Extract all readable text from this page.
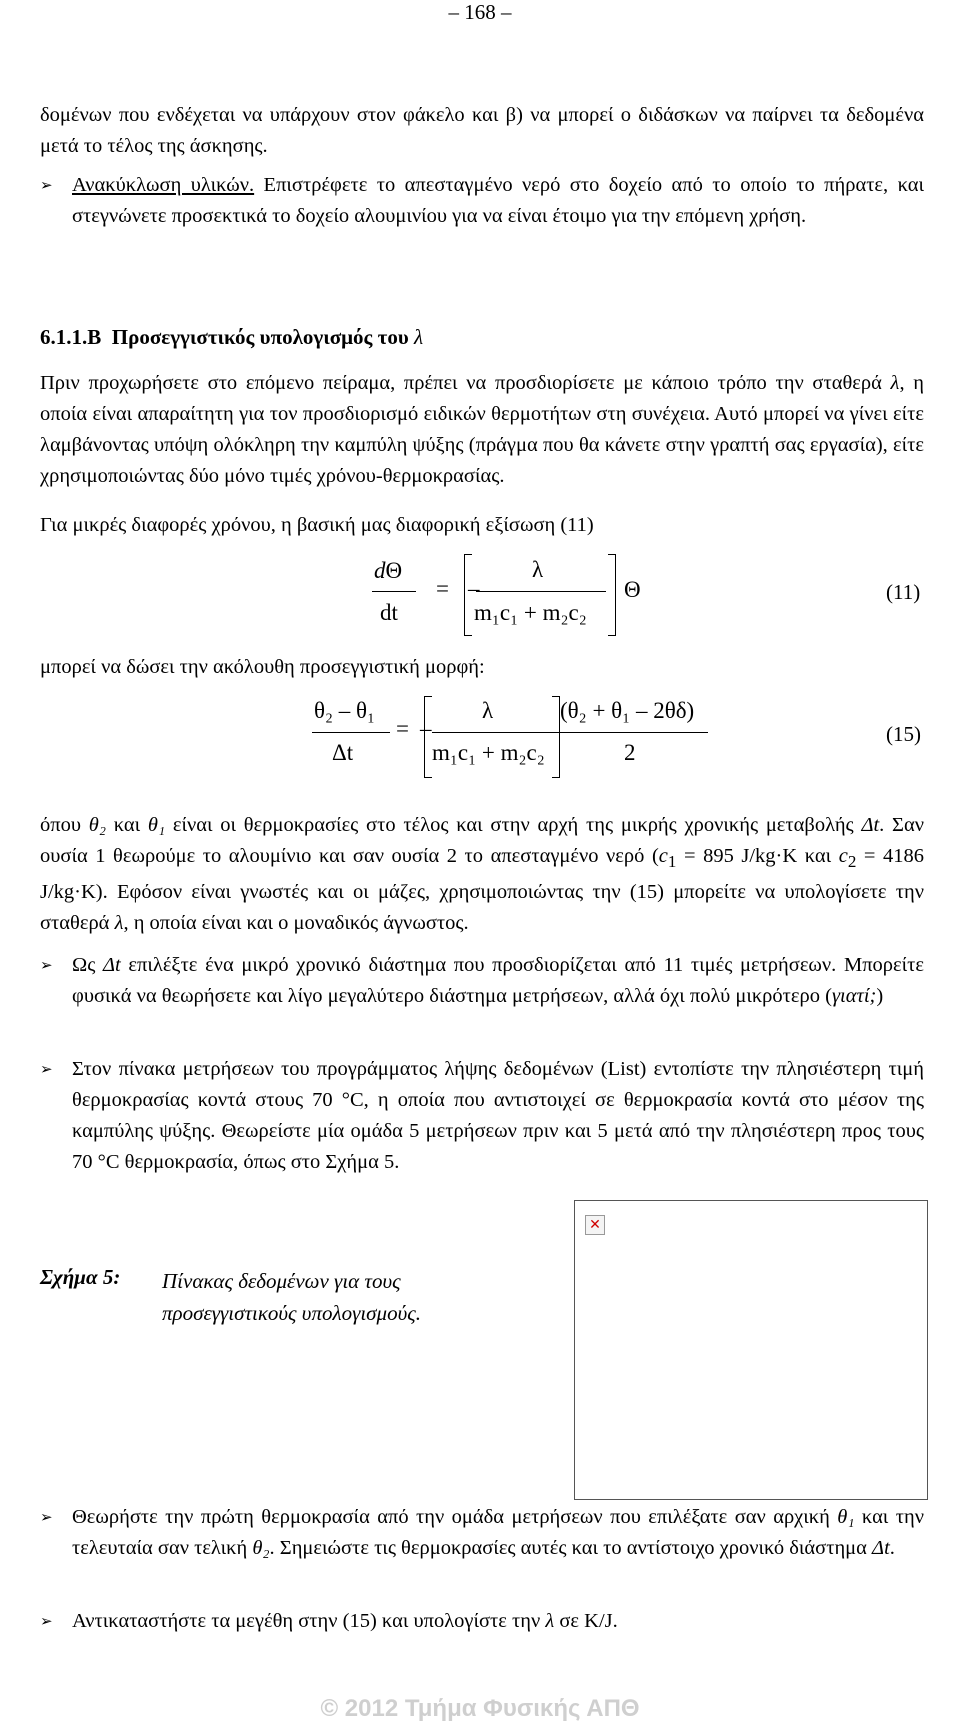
– 168 –

δομένων που ενδέχεται να υπάρχουν στον φάκελο και β) να μπορεί ο διδάσκων να παίρνει τα δεδομένα μετά το τέλος της άσκησης.

➢ Ανακύκλωση υλικών. Επιστρέφετε το απεσταγμένο νερό στο δοχείο από το οποίο το πήρατε, και στεγνώνετε προσεκτικά το δοχείο αλουμινίου για να είναι έτοιμο για την επόμενη χρήση.
6.1.1.Β Προσεγγιστικός υπολογισμός του λ

Πριν προχωρήσετε στο επόμενο πείραμα, πρέπει να προσδιορίσετε με κάποιο τρόπο την σταθερά λ, η οποία είναι απαραίτητη για τον προσδιορισμό ειδικών θερμοτήτων στη συνέχεια. Αυτό μπορεί να γίνει είτε λαμβάνοντας υπόψη ολόκληρη την καμπύλη ψύξης (πράγμα που θα κάνετε στην γραπτή σας εργασία), είτε χρησιμοποιώντας δύο μόνο τιμές χρόνου-θερμοκρασίας.

Για μικρές διαφορές χρόνου, η βασική μας διαφορική εξίσωση (11)

dΘ
dt
= –
λ
m₁c₁ + m₂c₂
Θ	(11)

μπορεί να δώσει την ακόλουθη προσεγγιστική μορφή:

θ₂ – θ₁
Δt
= –
λ
m₁c₁ + m₂c₂
(θ₂ + θ₁ – 2θδ)
2
(15)

όπου θ₂ και θ₁ είναι οι θερμοκρασίες στο τέλος και στην αρχή της μικρής χρονικής μεταβολής Δt. Σαν ουσία 1 θεωρούμε το αλουμίνιο και σαν ουσία 2 το απεσταγμένο νερό ($c_1 = 895$ J/kg·K και $c_2 = 4186$ J/kg·K). Εφόσον είναι γνωστές και οι μάζες, χρησιμοποιώντας την (15) μπορείτε να υπολογίσετε την σταθερά λ, η οποία είναι και ο μοναδικός άγνωστος.

➢ Ως Δt επιλέξτε ένα μικρό χρονικό διάστημα που προσδιορίζεται από 11 τιμές μετρήσεων. Μπορείτε φυσικά να θεωρήσετε και λίγο μεγαλύτερο διάστημα μετρήσεων, αλλά όχι πολύ μικρότερο (γιατί;)
➢ Στον πίνακα μετρήσεων του προγράμματος λήψης δεδομένων (List) εντοπίστε την πλησιέστερη τιμή θερμοκρασίας κοντά στους 70 °C, η οποία που αντιστοιχεί σε θερμοκρασία κοντά στο μέσον της καμπύλης ψύξης. Θεωρείστε μία ομάδα 5 μετρήσεων πριν και 5 μετά από την πλησιέστερη προς τους 70 °C θερμοκρασία, όπως στο Σχήμα 5.
✕
Σχήμα 5: Πίνακας δεδομένων για τους προσεγγιστικούς υπολογισμούς.
➢ Θεωρήστε την πρώτη θερμοκρασία από την ομάδα μετρήσεων που επιλέξατε σαν αρχική θ₁ και την τελευταία σαν τελική θ₂. Σημειώστε τις θερμοκρασίες αυτές και το αντίστοιχο χρονικό διάστημα Δt.
➢ Αντικαταστήστε τα μεγέθη στην (15) και υπολογίστε την λ σε K/J.
© 2012 Τμήμα Φυσικής ΑΠΘ
